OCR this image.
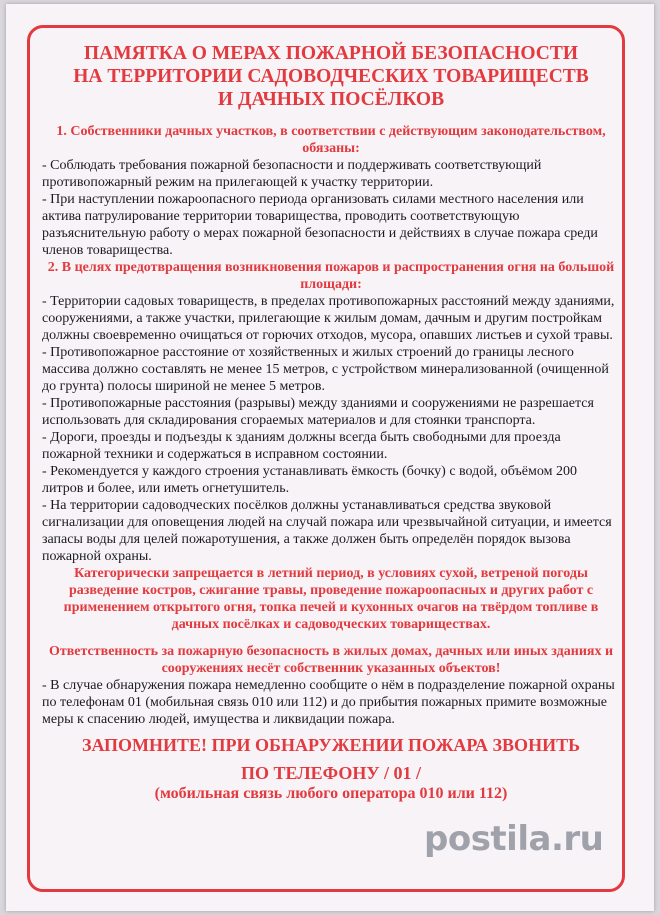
ПАМЯТКА О МЕРАХ ПОЖАРНОЙ БЕЗОПАСНОСТИ
НА ТЕРРИТОРИИ САДОВОДЧЕСКИХ ТОВАРИЩЕСТВ
И ДАЧНЫХ ПОСЁЛКОВ

1. Собственники дачных участков, в соответствии с действующим законодательством, обязаны:

- Соблюдать требования пожарной безопасности и поддерживать соответствующий противопожарный режим на прилегающей к участку территории.

- При наступлении пожароопасного периода организовать силами местного населения или актива патрулирование территории товарищества, проводить соответствующую разъяснительную работу о мерах пожарной безопасности и действиях в случае пожара среди членов товарищества.

2. В целях предотвращения возникновения пожаров и распространения огня на большой площади:

- Территории садовых товариществ, в пределах противопожарных расстояний между зданиями, сооружениями, а также участки, прилегающие к жилым домам, дачным и другим постройкам должны своевременно очищаться от горючих отходов, мусора, опавших листьев и сухой травы.

- Противопожарное расстояние от хозяйственных и жилых строений до границы лесного массива должно составлять не менее 15 метров, с устройством минерализованной (очищенной до грунта) полосы шириной не менее 5 метров.

- Противопожарные расстояния (разрывы) между зданиями и сооружениями не разрешается использовать для складирования сгораемых материалов и для стоянки транспорта.

- Дороги, проезды и подъезды к зданиям должны всегда быть свободными для проезда пожарной техники и содержаться в исправном состоянии.

- Рекомендуется у каждого строения устанавливать ёмкость (бочку) с водой, объёмом 200 литров и более, или иметь огнетушитель.

- На территории садоводческих посёлков должны устанавливаться средства звуковой сигнализации для оповещения людей на случай пожара или чрезвычайной ситуации, и имеется запасы воды для целей пожаротушения, а также должен быть определён порядок вызова пожарной охраны.

Категорически запрещается в летний период, в условиях сухой, ветреной погоды разведение костров, сжигание травы, проведение пожароопасных и других работ с применением открытого огня, топка печей и кухонных очагов на твёрдом топливе в дачных посёлках и садоводческих товариществах.

Ответственность за пожарную безопасность в жилых домах, дачных или иных зданиях и сооружениях несёт собственник указанных объектов!

- В случае обнаружения пожара немедленно сообщите о нём в подразделение пожарной охраны по телефонам 01 (мобильная связь 010 или 112) и до прибытия пожарных примите возможные меры к спасению людей, имущества и ликвидации пожара.

ЗАПОМНИТЕ! ПРИ ОБНАРУЖЕНИИ ПОЖАРА ЗВОНИТЬ

ПО ТЕЛЕФОНУ / 01 /

(мобильная связь любого оператора 010 или 112)

postila.ru
